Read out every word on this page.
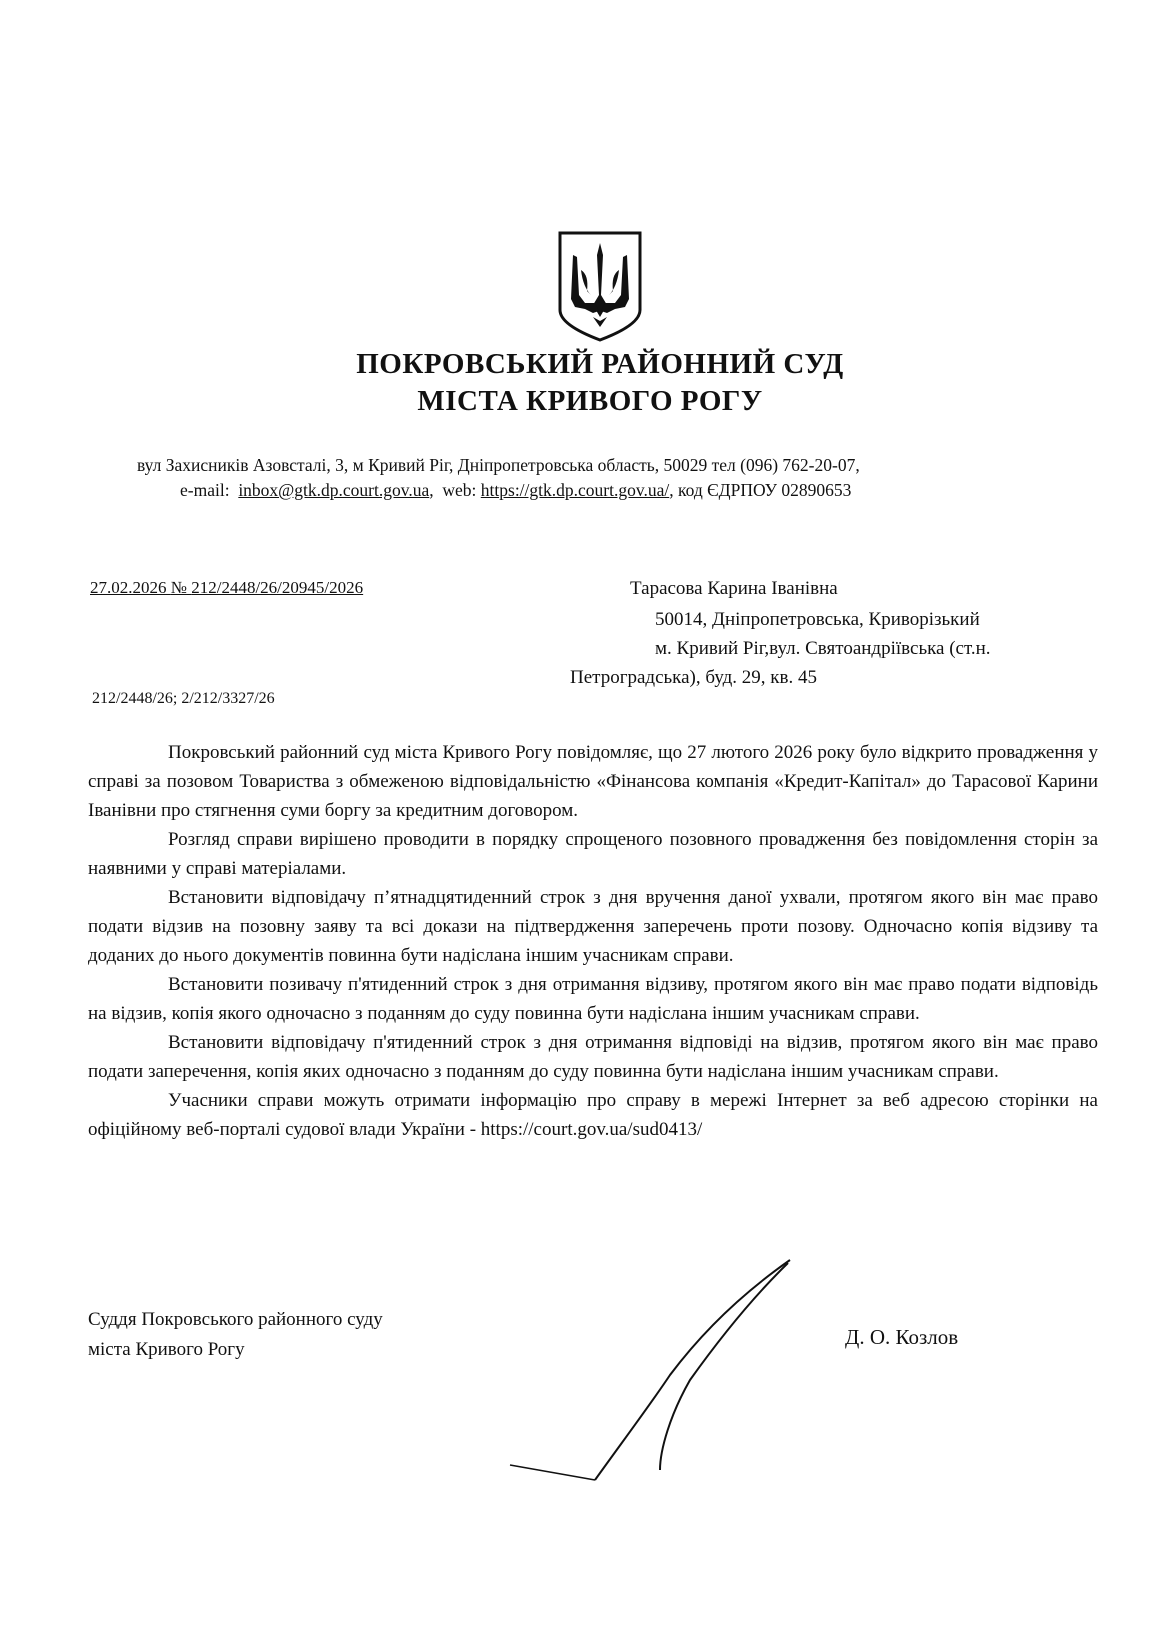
ПОКРОВСЬКИЙ РАЙОННИЙ СУД
МІСТА КРИВОГО РОГУ
вул Захисників Азовсталі, 3, м Кривий Ріг, Дніпропетровська область, 50029 тел (096) 762-20-07,
e-mail: inbox@gtk.dp.court.gov.ua,  web: https://gtk.dp.court.gov.ua/, код ЄДРПОУ 02890653
27.02.2026 № 212/2448/26/20945/2026	Тарасова Карина Іванівна
50014, Дніпропетровська, Криворізький
м. Кривий Ріг,вул. Святоандріївська (ст.н.
Петроградська), буд. 29, кв. 45
212/2448/26; 2/212/3327/26

Покровський районний суд міста Кривого Рогу повідомляє, що 27 лютого 2026 року було відкрито провадження у справі за позовом Товариства з обмеженою відповідальністю «Фінансова компанія «Кредит-Капітал» до Тарасової Карини Іванівни про стягнення суми боргу за кредитним договором.

Розгляд справи вирішено проводити в порядку спрощеного позовного провадження без повідомлення сторін за наявними у справі матеріалами.

Встановити відповідачу п’ятнадцятиденний строк з дня вручення даної ухвали, протягом якого він має право подати відзив на позовну заяву та всі докази на підтвердження заперечень проти позову. Одночасно копія відзиву та доданих до нього документів повинна бути надіслана іншим учасникам справи.

Встановити позивачу п'ятиденний строк з дня отримання відзиву, протягом якого він має право подати відповідь на відзив, копія якого одночасно з поданням до суду повинна бути надіслана іншим учасникам справи.

Встановити відповідачу п'ятиденний строк з дня отримання відповіді на відзив, протягом якого він має право подати заперечення, копія яких одночасно з поданням до суду повинна бути надіслана іншим учасникам справи.

Учасники справи можуть отримати інформацію про справу в мережі Інтернет за веб адресою сторінки на офіційному веб-порталі судової влади України - https://court.gov.ua/sud0413/

Суддя Покровського районного суду
міста Кривого Рогу
Д. О. Козлов
